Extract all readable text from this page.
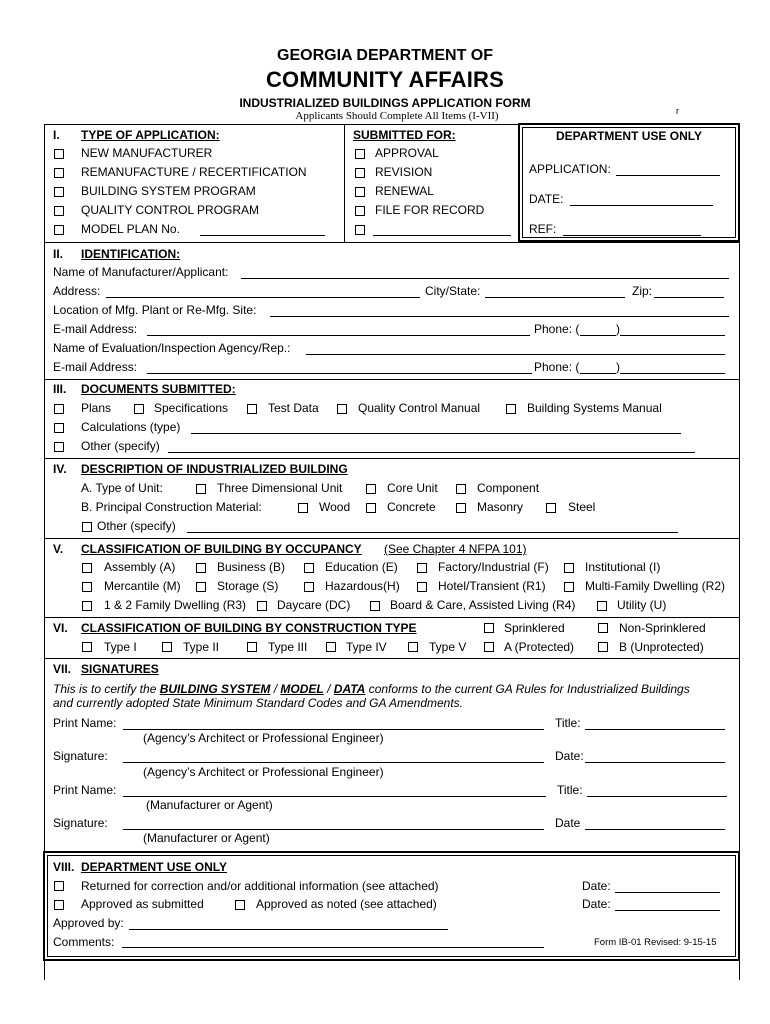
GEORGIA DEPARTMENT OF
COMMUNITY AFFAIRS
INDUSTRIALIZED BUILDINGS APPLICATION FORM
Applicants Should Complete All Items (I-VII)	r
I. TYPE OF APPLICATION:
NEW MANUFACTURER
REMANUFACTURE / RECERTIFICATION
BUILDING SYSTEM PROGRAM
QUALITY CONTROL PROGRAM
MODEL PLAN No.
SUBMITTED FOR:
APPROVAL
REVISION
RENEWAL
FILE FOR RECORD
DEPARTMENT USE ONLY
APPLICATION:
DATE:
REF:
II. IDENTIFICATION:
Name of Manufacturer/Applicant:
Address:	City/State:	Zip:
Location of Mfg. Plant or Re-Mfg. Site:
E-mail Address:	Phone: (	)
Name of Evaluation/Inspection Agency/Rep.:
E-mail Address:	Phone: (	)
III. DOCUMENTS SUBMITTED:
Plans	Specifications	Test Data	Quality Control Manual	Building Systems Manual
Calculations (type)
Other (specify)
IV. DESCRIPTION OF INDUSTRIALIZED BUILDING
A. Type of Unit:	Three Dimensional Unit	Core Unit	Component
B. Principal Construction Material:	Wood	Concrete	Masonry	Steel
Other (specify)
V. CLASSIFICATION OF BUILDING BY OCCUPANCY (See Chapter 4 NFPA 101)
Assembly (A)	Business (B)	Education (E)	Factory/Industrial (F)	Institutional (I)
Mercantile (M)	Storage (S)	Hazardous(H)	Hotel/Transient (R1)	Multi-Family Dwelling (R2)
1 & 2 Family Dwelling (R3)	Daycare (DC)	Board & Care, Assisted Living (R4)	Utility (U)
VI. CLASSIFICATION OF BUILDING BY CONSTRUCTION TYPE	Sprinklered	Non-Sprinklered
Type I	Type II	Type III	Type IV	Type V	A (Protected)	B (Unprotected)
VII. SIGNATURES
This is to certify the BUILDING SYSTEM / MODEL / DATA conforms to the current GA Rules for Industrialized Buildings
and currently adopted State Minimum Standard Codes and GA Amendments.
Print Name:	Title:
(Agency’s Architect or Professional Engineer)
Signature:	Date:
(Agency’s Architect or Professional Engineer)
Print Name:	Title:
(Manufacturer or Agent)
Signature:	Date
(Manufacturer or Agent)
VIII. DEPARTMENT USE ONLY
Returned for correction and/or additional information (see attached)	Date:
Approved as submitted	Approved as noted (see attached)	Date:
Approved by:
Comments:	Form IB-01 Revised: 9-15-15
